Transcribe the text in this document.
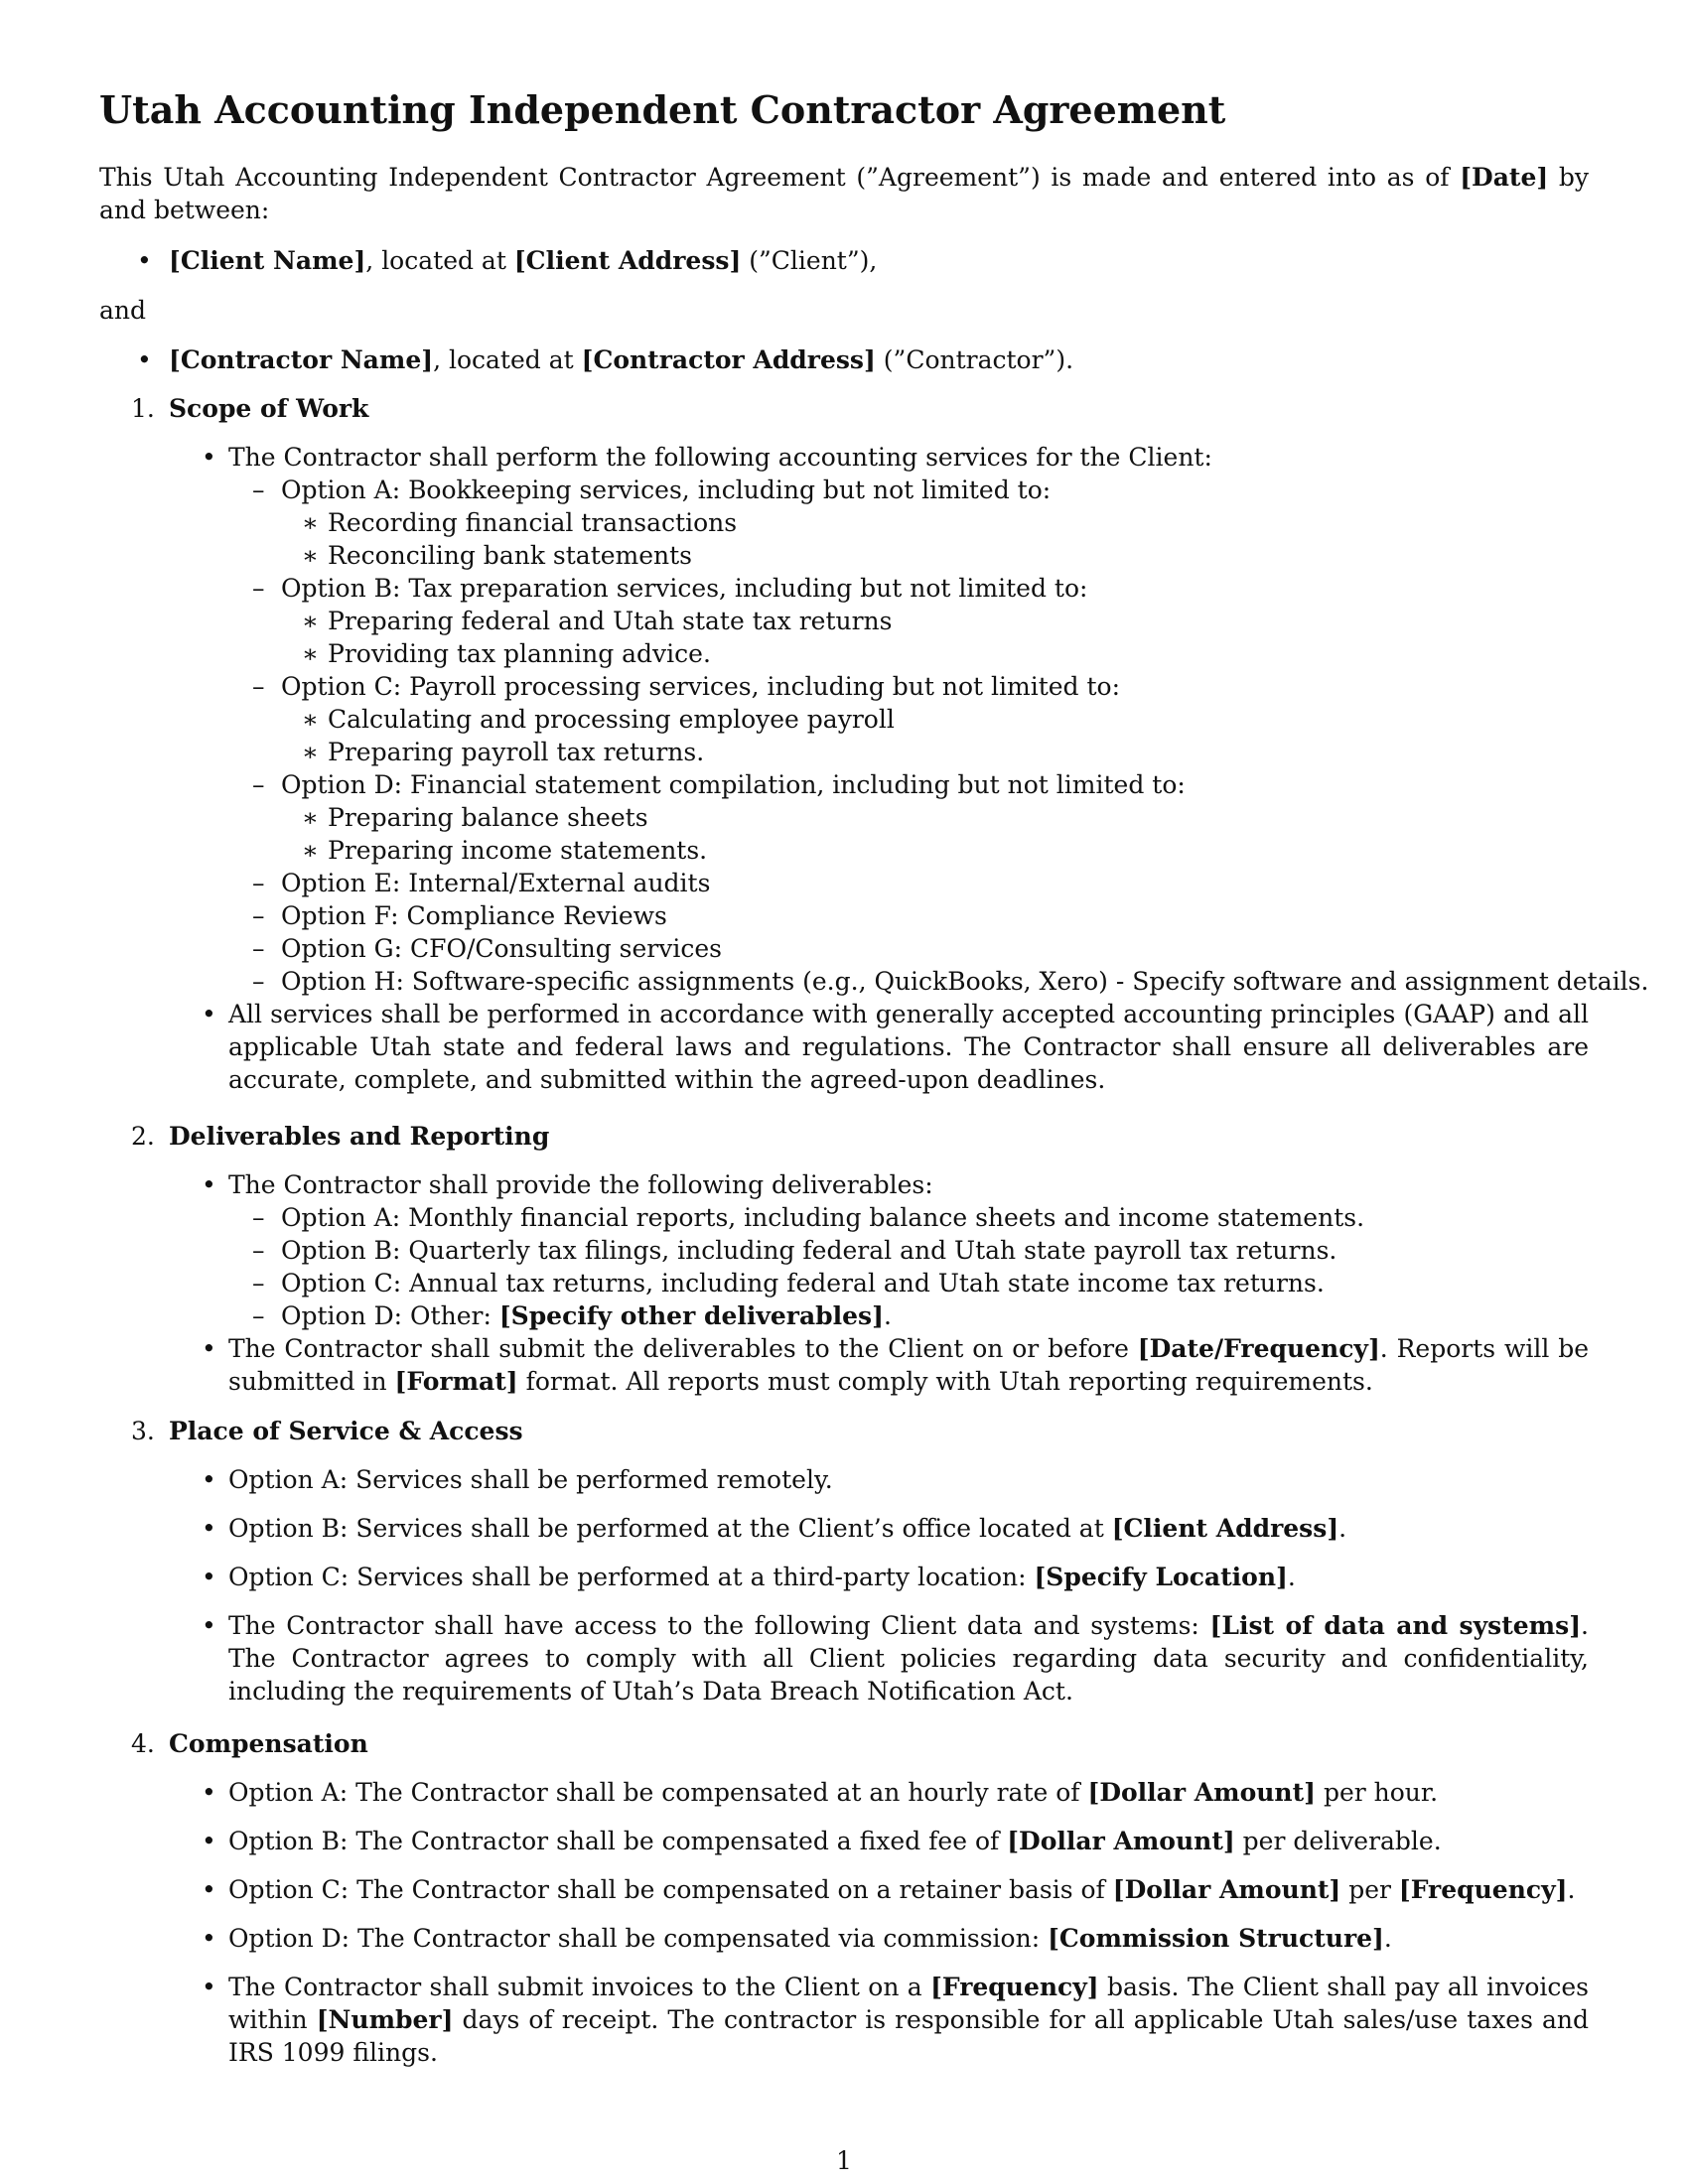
Utah Accounting Independent Contractor Agreement

This Utah Accounting Independent Contractor Agreement (”Agreement”) is made and entered into as of [Date] by and between:

• [Client Name], located at [Client Address] (”Client”),

and

• [Contractor Name], located at [Contractor Address] (”Contractor”).
1. Scope of Work
• The Contractor shall perform the following accounting services for the Client:
– Option A: Bookkeeping services, including but not limited to:
∗ Recording financial transactions
∗ Reconciling bank statements
– Option B: Tax preparation services, including but not limited to:
∗ Preparing federal and Utah state tax returns
∗ Providing tax planning advice.
– Option C: Payroll processing services, including but not limited to:
∗ Calculating and processing employee payroll
∗ Preparing payroll tax returns.
– Option D: Financial statement compilation, including but not limited to:
∗ Preparing balance sheets
∗ Preparing income statements.
– Option E: Internal/External audits
– Option F: Compliance Reviews
– Option G: CFO/Consulting services
– Option H: Software-specific assignments (e.g., QuickBooks, Xero) - Specify software and assignment details.
• All services shall be performed in accordance with generally accepted accounting principles (GAAP) and all applicable Utah state and federal laws and regulations. The Contractor shall ensure all deliverables are accurate, complete, and submitted within the agreed-upon deadlines.
2. Deliverables and Reporting
• The Contractor shall provide the following deliverables:
– Option A: Monthly financial reports, including balance sheets and income statements.
– Option B: Quarterly tax filings, including federal and Utah state payroll tax returns.
– Option C: Annual tax returns, including federal and Utah state income tax returns.
– Option D: Other: [Specify other deliverables].
• The Contractor shall submit the deliverables to the Client on or before [Date/Frequency]. Reports will be submitted in [Format] format. All reports must comply with Utah reporting requirements.
3. Place of Service & Access
• Option A: Services shall be performed remotely.
• Option B: Services shall be performed at the Client’s office located at [Client Address].
• Option C: Services shall be performed at a third-party location: [Specify Location].
• The Contractor shall have access to the following Client data and systems: [List of data and systems]. The Contractor agrees to comply with all Client policies regarding data security and confidentiality, including the requirements of Utah’s Data Breach Notification Act.
4. Compensation
• Option A: The Contractor shall be compensated at an hourly rate of [Dollar Amount] per hour.
• Option B: The Contractor shall be compensated a fixed fee of [Dollar Amount] per deliverable.
• Option C: The Contractor shall be compensated on a retainer basis of [Dollar Amount] per [Frequency].
• Option D: The Contractor shall be compensated via commission: [Commission Structure].
• The Contractor shall submit invoices to the Client on a [Frequency] basis. The Client shall pay all invoices within [Number] days of receipt. The contractor is responsible for all applicable Utah sales/use taxes and IRS 1099 filings.
1
